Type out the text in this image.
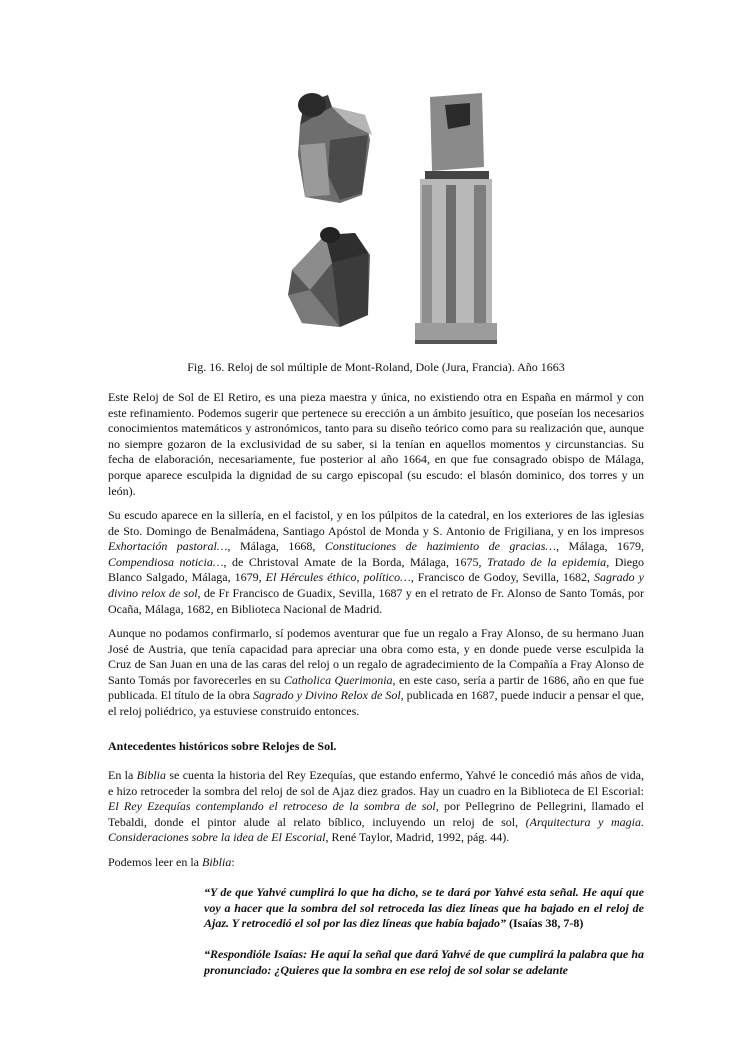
Fig. 16. Reloj de sol múltiple de Mont-Roland, Dole (Jura, Francia). Año 1663

Este Reloj de Sol de El Retiro, es una pieza maestra y única, no existiendo otra en España en mármol y con este refinamiento. Podemos sugerir que pertenece su erección a un ámbito jesuítico, que poseían los necesarios conocimientos matemáticos y astronómicos, tanto para su diseño teórico como para su realización que, aunque no siempre gozaron de la exclusividad de su saber, si la tenían en aquellos momentos y circunstancias. Su fecha de elaboración, necesariamente, fue posterior al año 1664, en que fue consagrado obispo de Málaga, porque aparece esculpida la dignidad de su cargo episcopal (su escudo: el blasón dominico, dos torres y un león).

Su escudo aparece en la sillería, en el facistol, y en los púlpitos de la catedral, en los exteriores de las iglesias de Sto. Domingo de Benalmádena, Santiago Apóstol de Monda y S. Antonio de Frigiliana, y en los impresos Exhortación pastoral…, Málaga, 1668, Constituciones de hazimiento de gracias…, Málaga, 1679, Compendiosa noticia…, de Christoval Amate de la Borda, Málaga, 1675, Tratado de la epidemia, Diego Blanco Salgado, Málaga, 1679, El Hércules éthico, político…, Francisco de Godoy, Sevilla, 1682, Sagrado y divino relox de sol, de Fr Francisco de Guadix, Sevilla, 1687 y en el retrato de Fr. Alonso de Santo Tomás, por Ocaña, Málaga, 1682, en Biblioteca Nacional de Madrid.

Aunque no podamos confirmarlo, sí podemos aventurar que fue un regalo a Fray Alonso, de su hermano Juan José de Austria, que tenía capacidad para apreciar una obra como esta, y en donde puede verse esculpida la Cruz de San Juan en una de las caras del reloj o un regalo de agradecimiento de la Compañía a Fray Alonso de Santo Tomás por favorecerles en su Catholica Querimonia, en este caso, sería a partir de 1686, año en que fue publicada. El título de la obra Sagrado y Divino Relox de Sol, publicada en 1687, puede inducir a pensar el que, el reloj poliédrico, ya estuviese construido entonces.

Antecedentes históricos sobre Relojes de Sol.

En la Biblia se cuenta la historia del Rey Ezequías, que estando enfermo, Yahvé le concedió más años de vida, e hizo retroceder la sombra del reloj de sol de Ajaz diez grados. Hay un cuadro en la Biblioteca de El Escorial: El Rey Ezequías contemplando el retroceso de la sombra de sol, por Pellegrino de Pellegrini, llamado el Tebaldi, donde el pintor alude al relato bíblico, incluyendo un reloj de sol, (Arquitectura y magia. Consideraciones sobre la idea de El Escorial, René Taylor, Madrid, 1992, pág. 44).

Podemos leer en la Biblia:

“Y de que Yahvé cumplirá lo que ha dicho, se te dará por Yahvé esta señal. He aquí que voy a hacer que la sombra del sol retroceda las diez líneas que ha bajado en el reloj de Ajaz. Y retrocedió el sol por las diez líneas que había bajado” (Isaías 38, 7-8)

“Respondióle Isaías: He aquí la señal que dará Yahvé de que cumplirá la palabra que ha pronunciado: ¿Quieres que la sombra en ese reloj de sol solar se adelante
